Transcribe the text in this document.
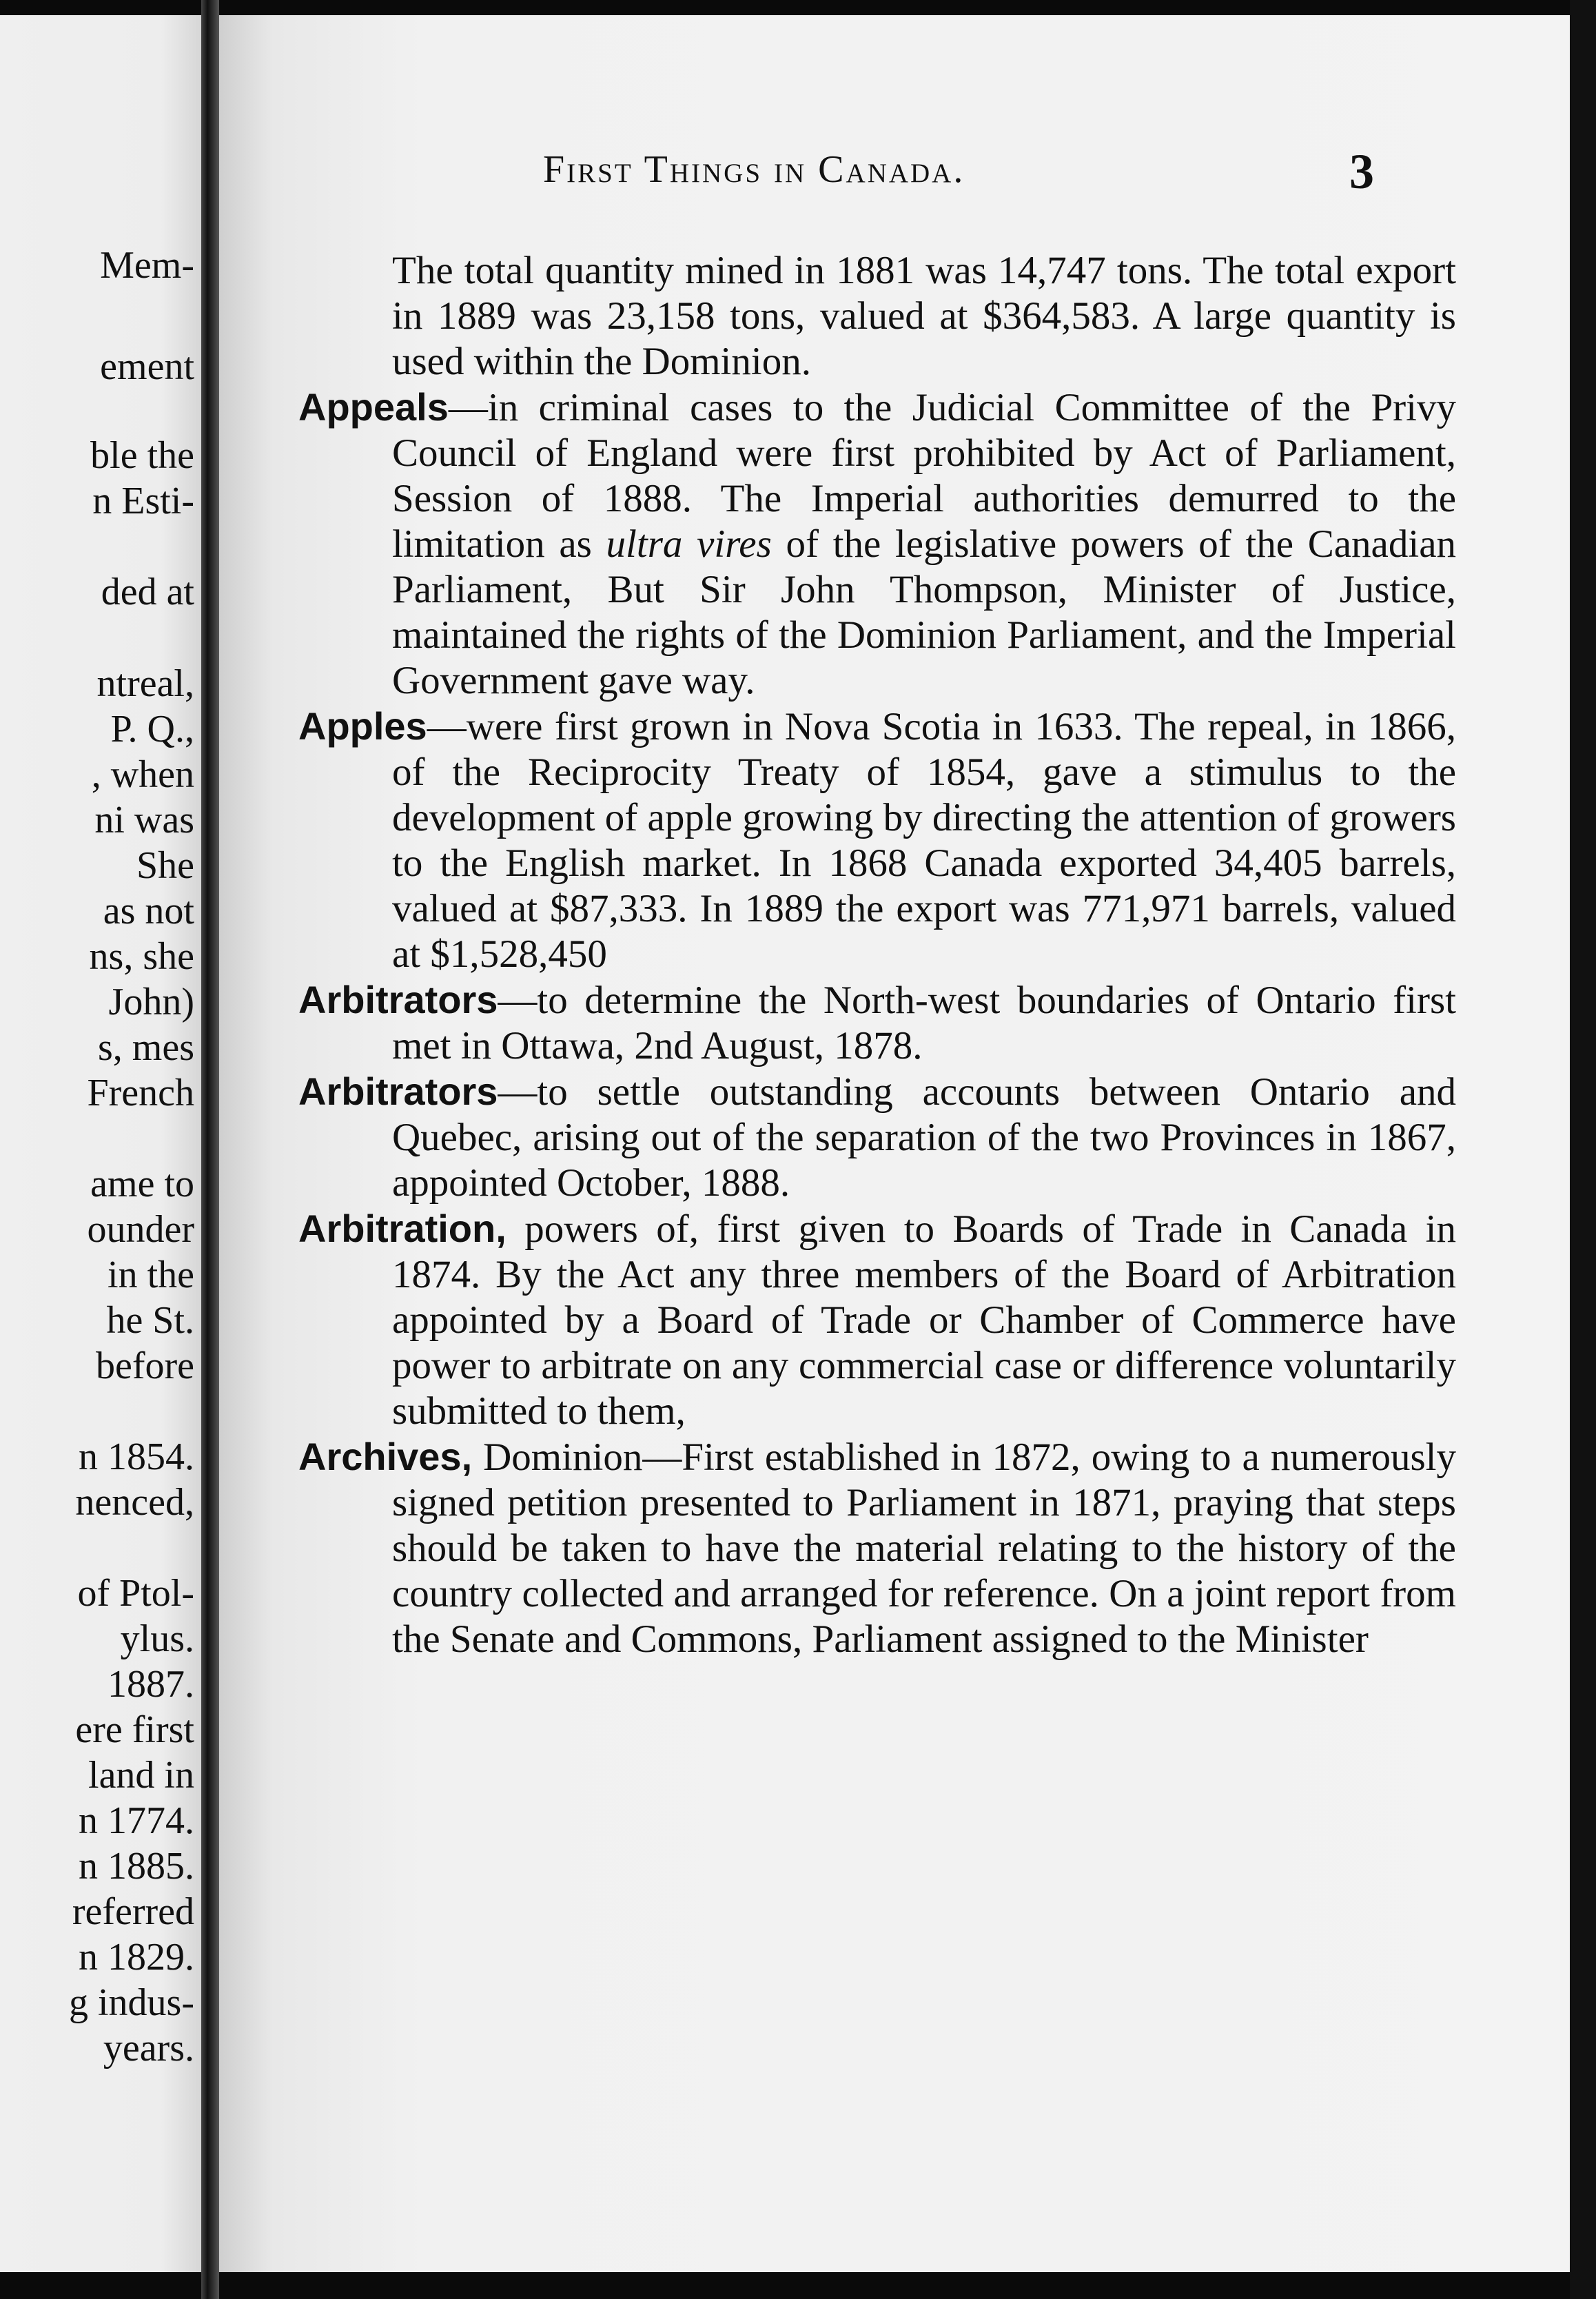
Mem-
ement
ble the
n Esti-
ded at
ntreal,
P. Q.,
, when
ni was
She
as not
ns, she
John)
s, mes
French
ame to
ounder
in the
he St.
before
n 1854.
nenced,
of Ptol-
ylus.
1887.
ere first
land in
n 1774.
n 1885.
referred
n 1829.
g indus-
years.
First Things in Canada.	3

The total quantity mined in 1881 was 14,747 tons. The total export in 1889 was 23,158 tons, valued at $364,583. A large quantity is used within the Dominion.

Appeals—in criminal cases to the Judicial Committee of the Privy Council of England were first prohibited by Act of Parliament, Session of 1888. The Imperial authorities demurred to the limitation as ultra vires of the legislative powers of the Canadian Parliament, But Sir John Thompson, Minister of Justice, maintained the rights of the Dominion Parliament, and the Imperial Government gave way.

Apples—were first grown in Nova Scotia in 1633. The repeal, in 1866, of the Reciprocity Treaty of 1854, gave a stimulus to the development of apple growing by directing the attention of growers to the English market. In 1868 Canada exported 34,405 barrels, valued at $87,333. In 1889 the export was 771,971 barrels, valued at $1,528,450

Arbitrators—to determine the North-west boundaries of Ontario first met in Ottawa, 2nd August, 1878.

Arbitrators—to settle outstanding accounts between Ontario and Quebec, arising out of the separation of the two Provinces in 1867, appointed October, 1888.

Arbitration, powers of, first given to Boards of Trade in Canada in 1874. By the Act any three members of the Board of Arbitration appointed by a Board of Trade or Chamber of Commerce have power to arbitrate on any commercial case or difference voluntarily submitted to them,

Archives, Dominion—First established in 1872, owing to a numerously signed petition presented to Parliament in 1871, praying that steps should be taken to have the material relating to the history of the country collected and arranged for reference. On a joint report from the Senate and Commons, Parliament assigned to the Minister
